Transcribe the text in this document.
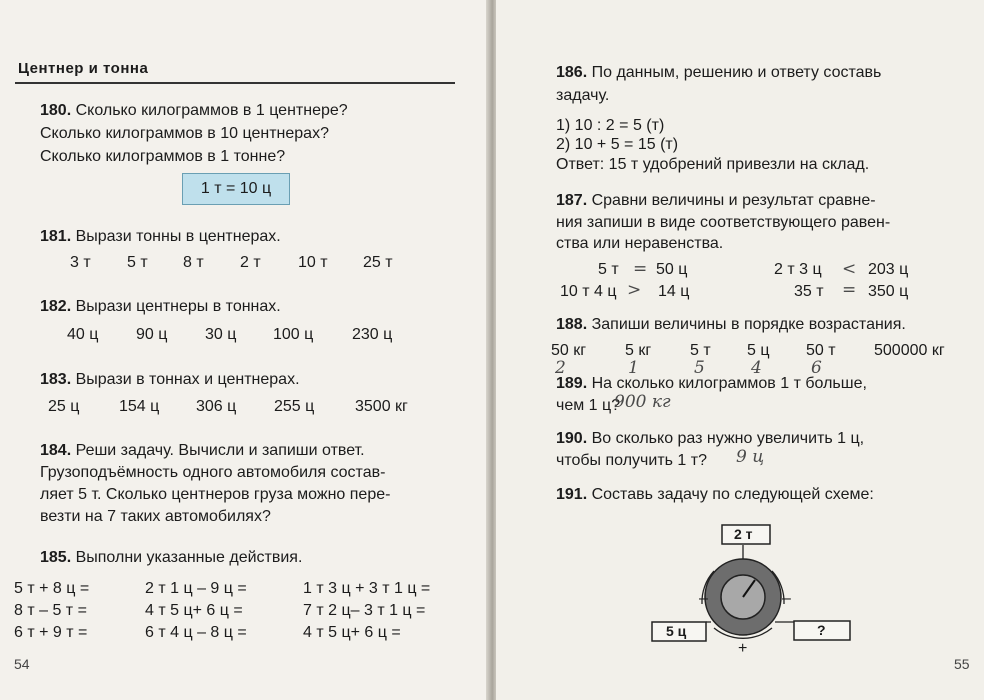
Центнер и тонна
180. Сколько килограммов в 1 центнере?
Сколько килограммов в 10 центнерах?
Сколько килограммов в 1 тонне?
1 т = 10 ц
181. Вырази тонны в центнерах.
3 т 5 т 8 т 2 т 10 т 25 т
182. Вырази центнеры в тоннах.
40 ц 90 ц 30 ц 100 ц 230 ц
183. Вырази в тоннах и центнерах.
25 ц 154 ц 306 ц 255 ц	3500 кг
184. Реши задачу. Вычисли и запиши ответ.
Грузоподъёмность одного автомобиля состав-
ляет 5 т. Сколько центнеров груза можно пере-
везти на 7 таких автомобилях?
185. Выполни указанные действия.
5 т + 8 ц =	2 т 1 ц – 9 ц =	1 т 3 ц + 3 т 1 ц =
8 т – 5 т =	4 т 5 ц+ 6 ц =	7 т 2 ц– 3 т 1 ц =
6 т + 9 т =	6 т 4 ц – 8 ц =	4 т 5 ц+ 6 ц =
54
186. По данным, решению и ответу составь
задачу.
1) 10 : 2 = 5 (т)
2) 10 + 5 = 15 (т)
Ответ: 15 т удобрений привезли на склад.
187. Сравни величины и результат сравне-
ния запиши в виде соответствующего равен-
ства или неравенства.
5 т = 50 ц	2 т 3 ц < 203 ц
10 т 4 ц > 14 ц	35 т = 350 ц
188. Запиши величины в порядке возрастания.
50 кг 5 кг 5 т 5 ц 50 т 500000 кг
2	1	5	4	6
189. На сколько килограммов 1 т больше,
чем 1 ц?
900 кг
190. Во сколько раз нужно увеличить 1 ц,
чтобы получить 1 т? 9 ц
191. Составь задачу по следующей схеме:
2 т
5 ц	?
–	–
+
55
